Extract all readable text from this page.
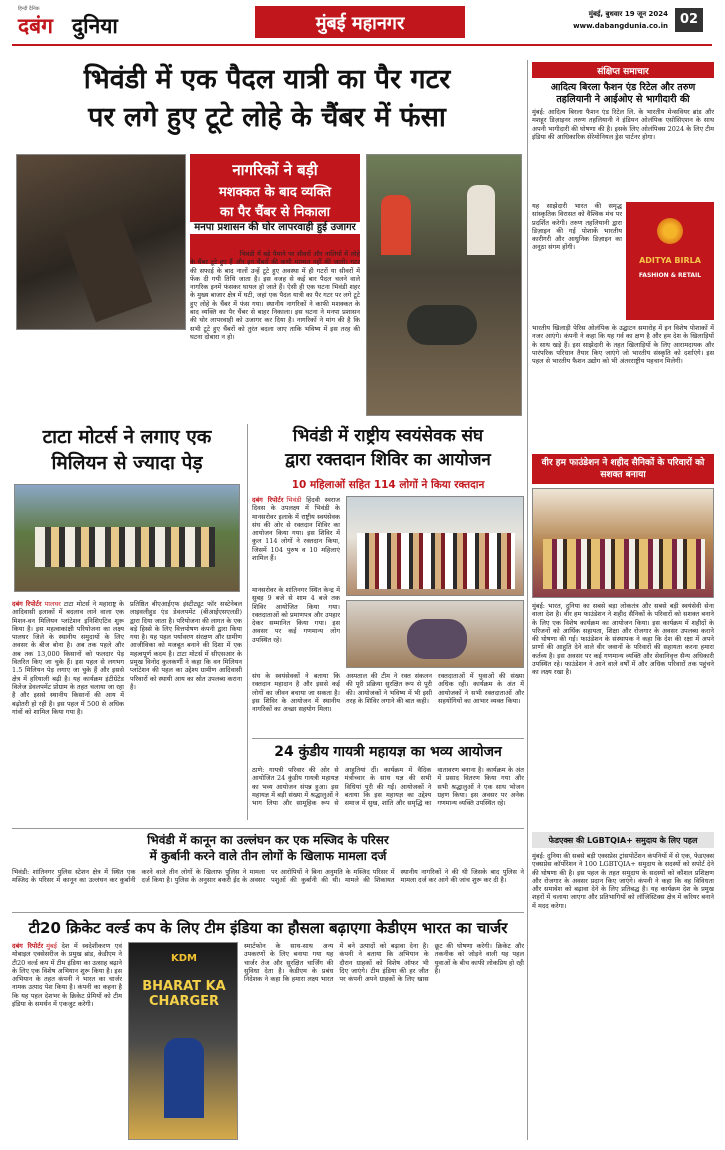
हिन्दी दैनिक
दबंग दुनिया	मुंबई महानगर	मुंबई, बुधवार 19 जून 2024
www.dabangdunia.co.in 02
भिवंडी में एक पैदल यात्री का पैर गटर
पर लगे हुए टूटे लोहे के चैंबर में फंसा
नागरिकों ने बड़ी
मशक्कत के बाद व्यक्ति
का पैर चैंबर से निकाला
मनपा प्रशासन की घोर लापरवाही हुई उजागर
दबंग रिपोर्टर भिवंडी भिवंडी में बड़े पैमाने पर सीवरों और नालियों में लोहे के चैंबर टूटे हुए हैं और इन चैंबरों की कभी मरम्मत नहीं की जाती। गटर की सफाई के बाद नालों उन्हें टूटे हुए अवस्था में ही गटरों या सीवरों में फेंक दी गयी तिथि जाता है। इस वजह से कई बार पैदल चलने वाले नागरिक इनमें फंसकर घायल हो जाते हैं। ऐसी ही एक घटना भिवंडी शहर के मुख्य बाजार क्षेत्र में घटी, जहां एक पैदल यात्री का पैर गटर पर लगे टूटे हुए लोहे के चैंबर में फंस गया। स्थानीय नागरिकों ने काफी मशक्कत के बाद व्यक्ति का पैर चैंबर से बाहर निकाला। इस घटना ने मनपा प्रशासन की घोर लापरवाही को उजागर कर दिया है। नागरिकों ने मांग की है कि सभी टूटे हुए चैंबरों को तुरंत बदला जाए ताकि भविष्य में इस तरह की घटना दोबारा न हो।
टाटा मोटर्स ने लगाए एक
मिलियन से ज्यादा पेड़
दबंग रिपोर्टर पालघर टाटा मोटर्स ने महाराष्ट्र के आदिवासी इलाकों में बदलाव लाने वाला एक मिशन-वन मिलियन प्लांटेशन इनिशिएटिव शुरू किया है। इस महत्वाकांक्षी परियोजना का लक्ष्य पालघर जिले के स्थानीय समुदायों के लिए अवसर के बीज बोना है। अब तक पहले और अब तक 13,000 किसानों को फलदार पेड़ वितरित किए जा चुके हैं। इस पहल से लगभग 1.5 मिलियन पेड़ लगाए जा चुके हैं और इससे क्षेत्र में हरियाली बढ़ी है। यह कार्यक्रम इंटीग्रेटेड विलेज डेवलपमेंट प्रोग्राम के तहत चलाया जा रहा है और इससे स्थानीय किसानों की आय में बढ़ोतरी हो रही है। इस पहल में 500 से अधिक गांवों को शामिल किया गया है।
प्रतिष्ठित बीएआईएफ इंस्टीट्यूट फॉर सस्टेनेबल लाइवलीहुड एंड डेवलपमेंट (बीआईएसएलडी) द्वारा दिया जाता है। परियोजना की लागत के एक बड़े हिस्से के लिए वित्तपोषण कंपनी द्वारा किया गया है। यह पहल पर्यावरण संरक्षण और ग्रामीण आजीविका को मजबूत बनाने की दिशा में एक महत्वपूर्ण कदम है। टाटा मोटर्स में सीएसआर के प्रमुख विनोद कुलकर्णी ने कहा कि वन मिलियन प्लांटेशन की पहल का उद्देश्य ग्रामीण आदिवासी परिवारों को स्थायी आय का स्रोत उपलब्ध कराना है।
भिवंडी में राष्ट्रीय स्वयंसेवक संघ
द्वारा रक्तदान शिविर का आयोजन
10 महिलाओं सहित 114 लोगों ने किया रक्तदान
दबंग रिपोर्टर भिवंडी हिंदवी स्वराज दिवस के उपलक्ष्य में भिवंडी के मानसरोवर इलाके में राष्ट्रीय स्वयंसेवक संघ की ओर से रक्तदान शिविर का आयोजन किया गया। इस शिविर में कुल 114 लोगों ने रक्तदान किया, जिसमें 104 पुरुष व 10 महिलाएं शामिल हैं।
मानसरोवर के शांतिनगर स्थित केन्द्र में सुबह 9 बजे से शाम 4 बजे तक शिविर आयोजित किया गया। रक्तदाताओं को प्रमाणपत्र और उपहार देकर सम्मानित किया गया। इस अवसर पर कई गणमान्य लोग उपस्थित रहे।
संघ के स्वयंसेवकों ने बताया कि रक्तदान महादान है और इससे कई लोगों का जीवन बचाया जा सकता है। इस शिविर के आयोजन में स्थानीय नागरिकों का अच्छा सहयोग मिला।
अस्पताल की टीम ने रक्त संकलन की पूरी प्रक्रिया सुरक्षित रूप से पूरी की। आयोजकों ने भविष्य में भी इसी तरह के शिविर लगाने की बात कही।
रक्तदाताओं में युवाओं की संख्या अधिक रही। कार्यक्रम के अंत में आयोजकों ने सभी रक्तदाताओं और सहयोगियों का आभार व्यक्त किया।
24 कुंडीय गायत्री महायज्ञ का भव्य आयोजन
ठाणे: गायत्री परिवार की ओर से आयोजित 24 कुंडीय गायत्री महायज्ञ का भव्य आयोजन संपन्न हुआ। इस महायज्ञ में बड़ी संख्या में श्रद्धालुओं ने भाग लिया और सामूहिक रूप से आहुतियां दीं। कार्यक्रम में वैदिक मंत्रोच्चार के साथ यज्ञ की सभी विधियां पूरी की गईं। आयोजकों ने बताया कि इस महायज्ञ का उद्देश्य समाज में सुख, शांति और समृद्धि का वातावरण बनाना है। कार्यक्रम के अंत में प्रसाद वितरण किया गया और सभी श्रद्धालुओं ने एक साथ भोजन ग्रहण किया। इस अवसर पर अनेक गणमान्य व्यक्ति उपस्थित रहे।
भिवंडी में कानून का उल्लंघन कर एक मस्जिद के परिसर
में कुर्बानी करने वाले तीन लोगों के खिलाफ मामला दर्ज
भिवंडी: शांतिनगर पुलिस स्टेशन क्षेत्र में स्थित एक मस्जिद के परिसर में कानून का उल्लंघन कर कुर्बानी करने वाले तीन लोगों के खिलाफ पुलिस ने मामला दर्ज किया है। पुलिस के अनुसार बकरी ईद के अवसर पर आरोपियों ने बिना अनुमति के मस्जिद परिसर में पशुओं की कुर्बानी की थी। मामले की शिकायत स्थानीय नागरिकों ने की थी जिसके बाद पुलिस ने मामला दर्ज कर आगे की जांच शुरू कर दी है।
टी20 क्रिकेट वर्ल्ड कप के लिए टीम इंडिया का हौसला बढ़ाएगा केडीएम भारत का चार्जर
दबंग रिपोर्टर मुंबई देश में स्वदेशीकरण एवं मोबाइल एक्सेसरीज के प्रमुख ब्रांड, केडीएम ने टी20 वर्ल्ड कप में टीम इंडिया का उत्साह बढ़ाने के लिए एक विशेष अभियान शुरू किया है। इस अभियान के तहत कंपनी ने भारत का चार्जर नामक उत्पाद पेश किया है। कंपनी का कहना है कि यह पहल देशभर के क्रिकेट प्रेमियों को टीम इंडिया के समर्थन में एकजुट करेगी।
KDM
BHARAT KA CHARGER
स्मार्टफोन के साथ-साथ अन्य उपकरणों के लिए बनाया गया यह चार्जर तेज और सुरक्षित चार्जिंग की सुविधा देता है। केडीएम के प्रबंध निदेशक ने कहा कि हमारा लक्ष्य भारत में बने उत्पादों को बढ़ावा देना है। कंपनी ने बताया कि अभियान के दौरान ग्राहकों को विशेष ऑफर भी दिए जाएंगे। टीम इंडिया की हर जीत पर कंपनी अपने ग्राहकों के लिए खास छूट की घोषणा करेगी। क्रिकेट और तकनीक को जोड़ने वाली यह पहल युवाओं के बीच काफी लोकप्रिय हो रही है।
संक्षिप्त समाचार
आदित्य बिरला फैशन एंड रिटेल और तरुण तहलियानी ने आईओए से भागीदारी की
मुंबई: आदित्य बिरला फैशन एंड रिटेल लि. के भारतीय मेन्सवियर ब्रांड और मशहूर डिज़ाइनर तरुण तहलियानी ने इंडियन ओलंपिक एसोसिएशन के साथ अपनी भागीदारी की घोषणा की है। इसके लिए ओलंपिक्स 2024 के लिए टीम इंडिया की आधिकारिक सेरेमोनियल ड्रेस पार्टनर होगा।
यह साझेदारी भारत की समृद्ध सांस्कृतिक विरासत को वैश्विक मंच पर प्रदर्शित करेगी। तरुण तहलियानी द्वारा डिज़ाइन की गई पोशाकें भारतीय कारीगरी और आधुनिक डिज़ाइन का अनूठा संगम होंगी।
ADITYA BIRLA
FASHION & RETAIL
भारतीय खिलाड़ी पेरिस ओलंपिक के उद्घाटन समारोह में इन विशेष पोशाकों में नजर आएंगे। कंपनी ने कहा कि यह गर्व का क्षण है और हम देश के खिलाड़ियों के साथ खड़े हैं। इस साझेदारी के तहत खिलाड़ियों के लिए आरामदायक और पारंपरिक परिधान तैयार किए जाएंगे जो भारतीय संस्कृति को दर्शाएंगे। इस पहल से भारतीय फैशन उद्योग को भी अंतरराष्ट्रीय पहचान मिलेगी।
वीर हम फाउंडेशन ने शहीद सैनिकों के परिवारों को सशक्त बनाया
मुंबई: भारत, दुनिया का सबसे बड़ा लोकतंत्र और सबसे बड़ी स्वयंसेवी सेना वाला देश है। वीर हम फाउंडेशन ने शहीद सैनिकों के परिवारों को सशक्त बनाने के लिए एक विशेष कार्यक्रम का आयोजन किया। इस कार्यक्रम में शहीदों के परिजनों को आर्थिक सहायता, शिक्षा और रोजगार के अवसर उपलब्ध कराने की घोषणा की गई। फाउंडेशन के संस्थापक ने कहा कि देश की रक्षा में अपने प्राणों की आहुति देने वाले वीर जवानों के परिवारों की सहायता करना हमारा कर्तव्य है। इस अवसर पर कई गणमान्य व्यक्ति और सेवानिवृत्त सैन्य अधिकारी उपस्थित रहे। फाउंडेशन ने आने वाले वर्षों में और अधिक परिवारों तक पहुंचने का लक्ष्य रखा है।
फेडएक्स की LGBTQIA+ समुदाय के लिए पहल
मुंबई: दुनिया की सबसे बड़ी एक्सप्रेस ट्रांसपोर्टेशन कंपनियों में से एक, फेडएक्स एक्सप्रेस कॉर्पोरेशन ने 100 LGBTQIA+ समुदाय के सदस्यों को सपोर्ट देने की घोषणा की है। इस पहल के तहत समुदाय के सदस्यों को कौशल प्रशिक्षण और रोजगार के अवसर प्रदान किए जाएंगे। कंपनी ने कहा कि वह विविधता और समावेश को बढ़ावा देने के लिए प्रतिबद्ध है। यह कार्यक्रम देश के प्रमुख शहरों में चलाया जाएगा और प्रतिभागियों को लॉजिस्टिक्स क्षेत्र में करियर बनाने में मदद करेगा।
